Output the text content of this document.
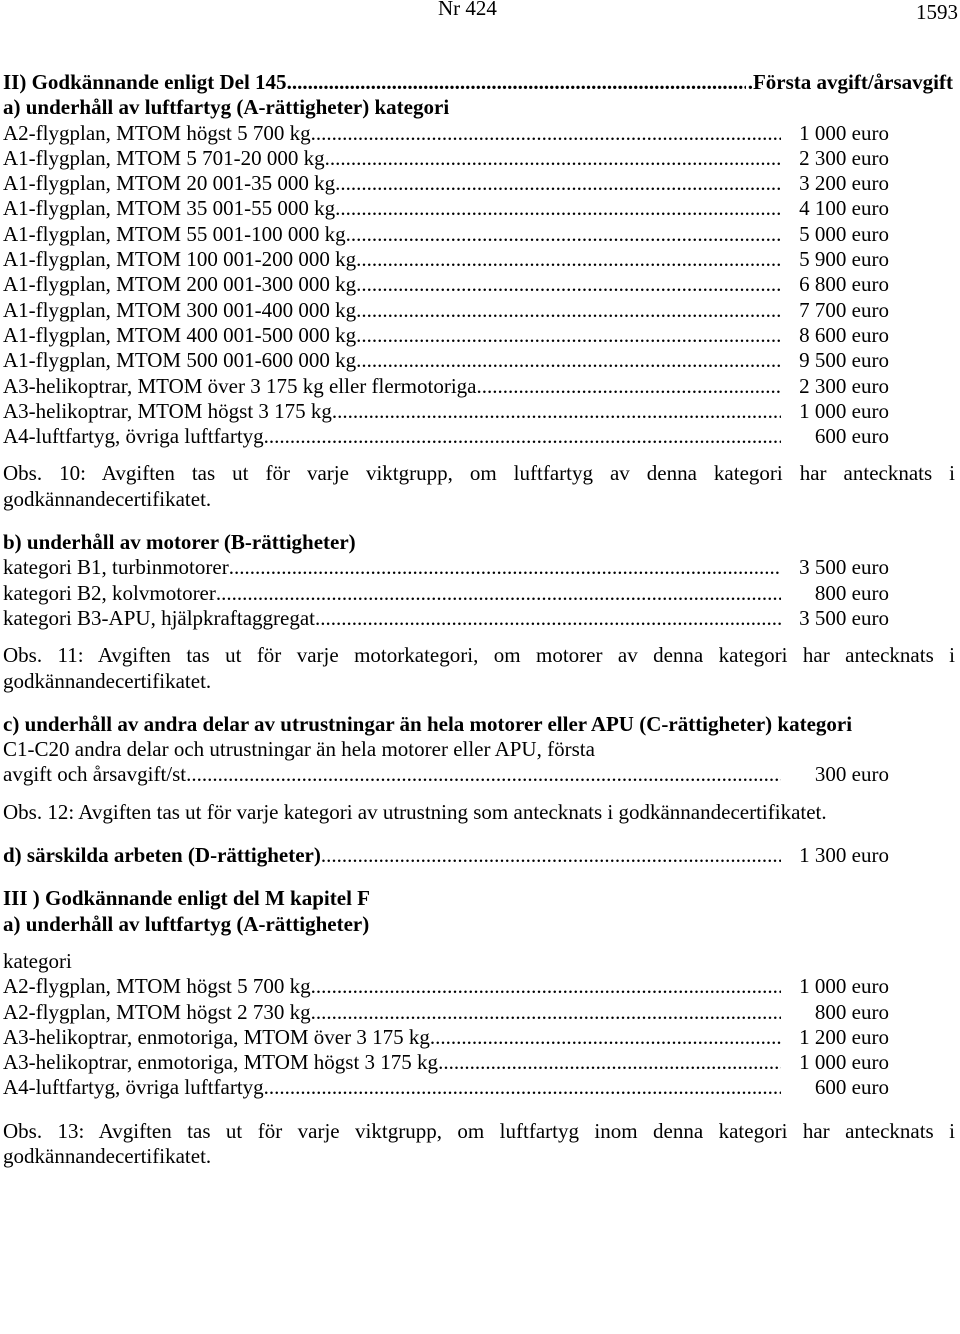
Nr 424	1593
II) Godkännande enligt Del 145 .....	.Första avgift/årsavgift
a) underhåll av luftfartyg (A-rättigheter) kategori
A2-flygplan, MTOM högst 5 700 kg .....	1 000 euro
A1-flygplan, MTOM 5 701-20 000 kg .....	2 300 euro
A1-flygplan, MTOM 20 001-35 000 kg .....	3 200 euro
A1-flygplan, MTOM 35 001-55 000 kg .....	4 100 euro
A1-flygplan, MTOM 55 001-100 000 kg .....	5 000 euro
A1-flygplan, MTOM 100 001-200 000 kg .....	5 900 euro
A1-flygplan, MTOM 200 001-300 000 kg .....	6 800 euro
A1-flygplan, MTOM 300 001-400 000 kg .....	7 700 euro
A1-flygplan, MTOM 400 001-500 000 kg .....	8 600 euro
A1-flygplan, MTOM 500 001-600 000 kg .....	9 500 euro
A3-helikoptrar, MTOM över 3 175 kg eller flermotoriga .....	2 300 euro
A3-helikoptrar, MTOM högst 3 175 kg .....	1 000 euro
A4-luftfartyg, övriga luftfartyg .....	600 euro
Obs. 10: Avgiften tas ut för varje viktgrupp, om luftfartyg av denna kategori har antecknats i godkännandecertifikatet.
b) underhåll av motorer (B-rättigheter)
kategori B1, turbinmotorer .....	3 500 euro
kategori B2, kolvmotorer .....	800 euro
kategori B3-APU, hjälpkraftaggregat .....	3 500 euro
Obs. 11: Avgiften tas ut för varje motorkategori, om motorer av denna kategori har antecknats i godkännandecertifikatet.
c) underhåll av andra delar av utrustningar än hela motorer eller APU (C-rättigheter) kategori
C1-C20 andra delar och utrustningar än hela motorer eller APU, första
avgift och årsavgift/st. .....	300 euro
Obs. 12: Avgiften tas ut för varje kategori av utrustning som antecknats i godkännandecertifikatet.
d) särskilda arbeten (D-rättigheter) .....	1 300 euro
III ) Godkännande enligt del M kapitel F
a) underhåll av luftfartyg (A-rättigheter)
kategori
A2-flygplan, MTOM högst 5 700 kg .....	1 000 euro
A2-flygplan, MTOM högst 2 730 kg .....	800 euro
A3-helikoptrar, enmotoriga, MTOM över 3 175 kg .....	1 200 euro
A3-helikoptrar, enmotoriga, MTOM högst 3 175 kg .....	1 000 euro
A4-luftfartyg, övriga luftfartyg .....	600 euro
Obs. 13: Avgiften tas ut för varje viktgrupp, om luftfartyg inom denna kategori har antecknats i godkännandecertifikatet.
